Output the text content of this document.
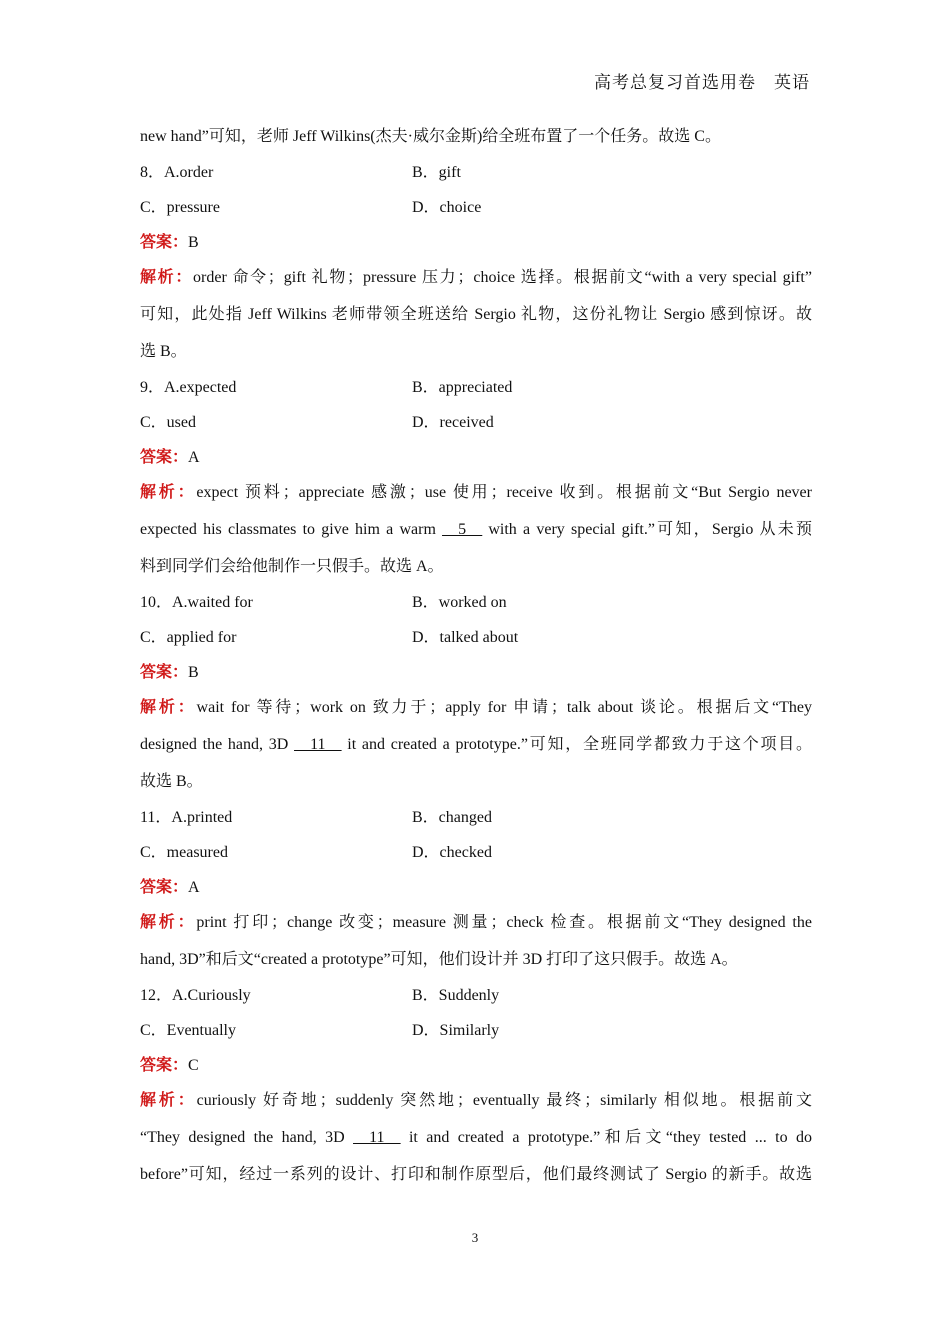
高考总复习首选用卷　英语
new hand”可知，老师 Jeff Wilkins(杰夫·威尔金斯)给全班布置了一个任务。故选 C。
8．A.order	B．gift
C．pressure	D．choice
答案：B
解析：order 命令；gift 礼物；pressure 压力；choice 选择。根据前文“with a very special gift”
可知，此处指 Jeff Wilkins 老师带领全班送给 Sergio 礼物，这份礼物让 Sergio 感到惊讶。故
选 B。
9．A.expected	B．appreciated
C．used	D．received
答案：A
解析：expect 预料；appreciate 感激；use 使用；receive 收到。根据前文“But Sergio never
expected his classmates to give him a warm __5__ with a very special gift.”可知，Sergio 从未预
料到同学们会给他制作一只假手。故选 A。
10．A.waited for	B．worked on
C．applied for	D．talked about
答案：B
解析：wait for 等待；work on 致力于；apply for 申请；talk about 谈论。根据后文“They
designed the hand, 3D __11__ it and created a prototype.”可知，全班同学都致力于这个项目。
故选 B。
11．A.printed	B．changed
C．measured	D．checked
答案：A
解析：print 打印；change 改变；measure 测量；check 检查。根据前文“They designed the
hand, 3D”和后文“created a prototype”可知，他们设计并 3D 打印了这只假手。故选 A。
12．A.Curiously	B．Suddenly
C．Eventually	D．Similarly
答案：C
解析：curiously 好奇地；suddenly 突然地；eventually 最终；similarly 相似地。根据前文
“They designed the hand, 3D __11__ it and created a prototype.”和后文“they tested ... to do
before”可知，经过一系列的设计、打印和制作原型后，他们最终测试了 Sergio 的新手。故选
3
